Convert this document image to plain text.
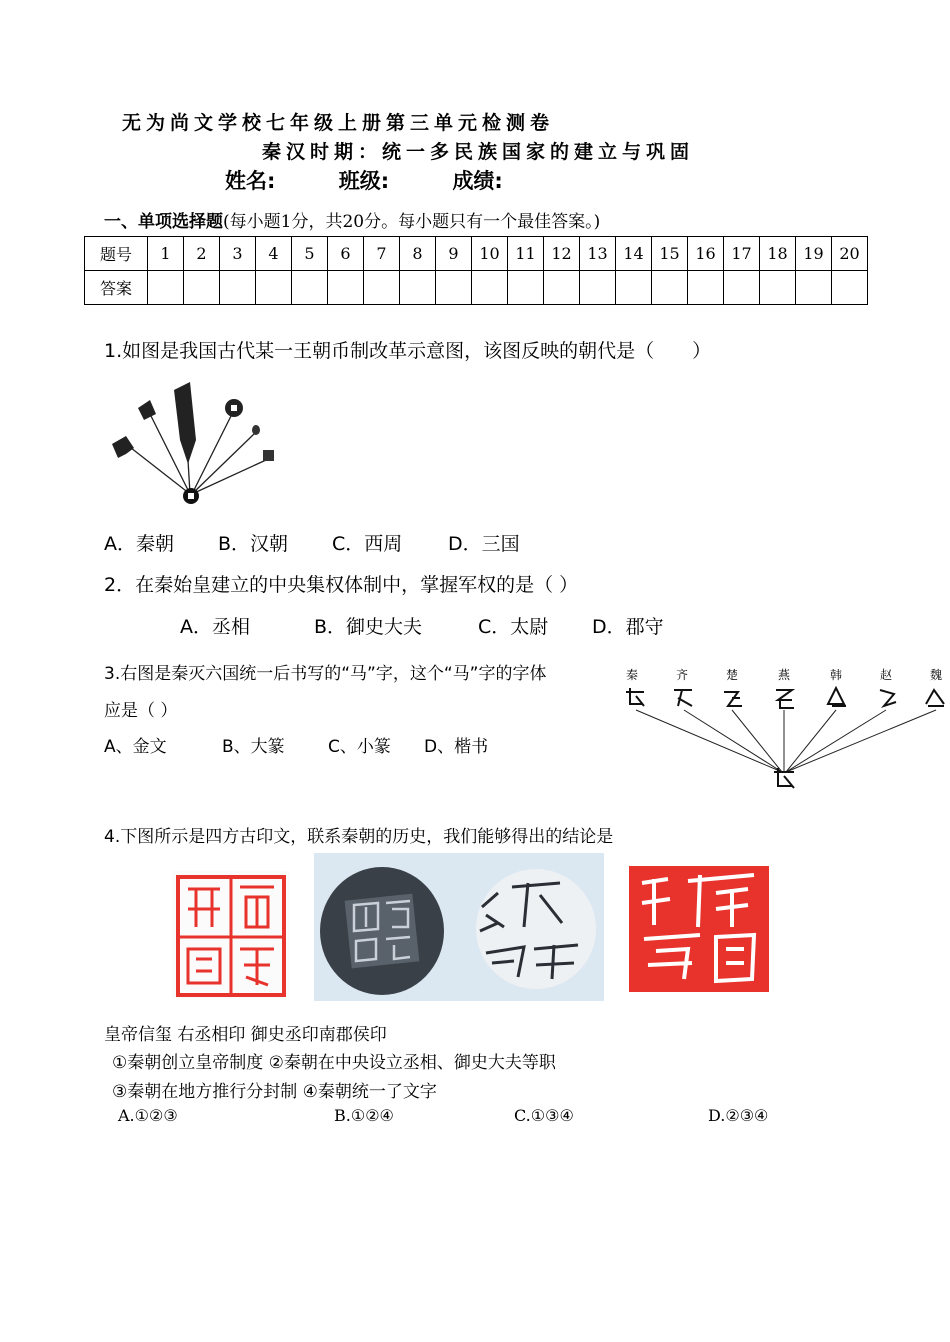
无为尚文学校七年级上册第三单元检测卷
秦汉时期：统一多民族国家的建立与巩固
姓名:	班级:	成绩:
一、单项选择题(每小题1分，共20分。每小题只有一个最佳答案。)
题号	1	2	3	4	5	6	7	8	9	10	11	12	13	14	15	16	17	18	19	20
答案																				
1.如图是我国古代某一王朝币制改革示意图，该图反映的朝代是（　　）
A．秦朝 B．汉朝 C．西周 D．三国
2．在秦始皇建立的中央集权体制中，掌握军权的是（ ）
A．丞相	B．御史大夫	C．太尉 D．郡守
3.右图是秦灭六国统一后书写的“马”字，这个“马”字的字体
应是（ ）
A、金文	B、大篆	C、小篆 D、楷书
秦	齐	楚	燕	韩	赵	魏
4.下图所示是四方古印文，联系秦朝的历史，我们能够得出的结论是
皇帝信玺 右丞相印 御史丞印南郡侯印
①秦朝创立皇帝制度 ②秦朝在中央设立丞相、御史大夫等职
③秦朝在地方推行分封制 ④秦朝统一了文字
A.①②③	B.①②④	C.①③④	D.②③④
